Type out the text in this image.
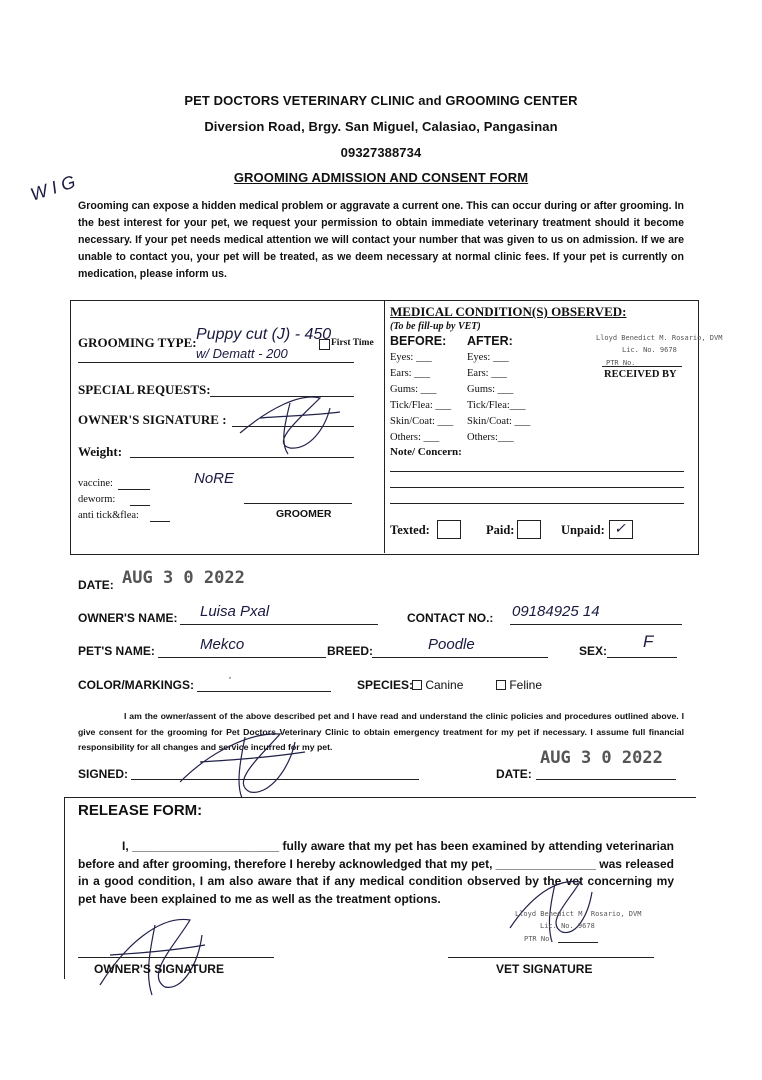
PET DOCTORS VETERINARY CLINIC and GROOMING CENTER
Diversion Road, Brgy. San Miguel, Calasiao, Pangasinan
09327388734
GROOMING ADMISSION AND CONSENT FORM
W I G
Grooming can expose a hidden medical problem or aggravate a current one. This can occur during or after grooming. In the best interest for your pet, we request your permission to obtain immediate veterinary treatment should it become necessary. If your pet needs medical attention we will contact your number that was given to us on admission. If we are unable to contact you, your pet will be treated, as we deem necessary at normal clinic fees. If your pet is currently on medication, please inform us.
GROOMING TYPE: Puppy cut (J) - 450
w/ Dematt - 200
First Time
SPECIAL REQUESTS:
OWNER'S SIGNATURE :
Weight:
vaccine:	NoRE
deworm:
anti tick&flea:	GROOMER
MEDICAL CONDITION(S) OBSERVED:
(To be fill-up by VET)
BEFORE: AFTER:
Eyes: ___	Eyes: ___
Ears: ___	Ears: ___
Gums: ___	Gums: ___
Tick/Flea: ___ Tick/Flea:___
Skin/Coat: ___ Skin/Coat: ___
Others: ___	Others:___
Note/ Concern:
Lloyd Benedict M. Rosario, DVM
Lic. No. 9678
PTR No.
RECEIVED BY
Texted:	Paid:	Unpaid: ✓
DATE: AUG 3 0 2022
OWNER'S NAME: Luisa Pxal	CONTACT NO.: 09184925 14
PET'S NAME:	Mekco	BREED:	Poodle	SEX: F
COLOR/MARKINGS:
·
SPECIES:	Canine	Feline
I am the owner/assent of the above described pet and I have read and understand the clinic policies and procedures outlined above. I give consent for the grooming for Pet Doctors Veterinary Clinic to obtain emergency treatment for my pet if necessary. I assume full financial responsibility for all changes and service incurred for my pet.
SIGNED:	DATE:
AUG 3 0 2022
RELEASE FORM:
I, ______________________ fully aware that my pet has been examined by attending veterinarian before and after grooming, therefore I hereby acknowledged that my pet, _______________ was released in a good condition, I am also aware that if any medical condition observed by the vet concerning my pet have been explained to me as well as the treatment options.
Lloyd Benedict M. Rosario, DVM
Lic. No. 9678
PTR No.
OWNER'S SIGNATURE	VET SIGNATURE
